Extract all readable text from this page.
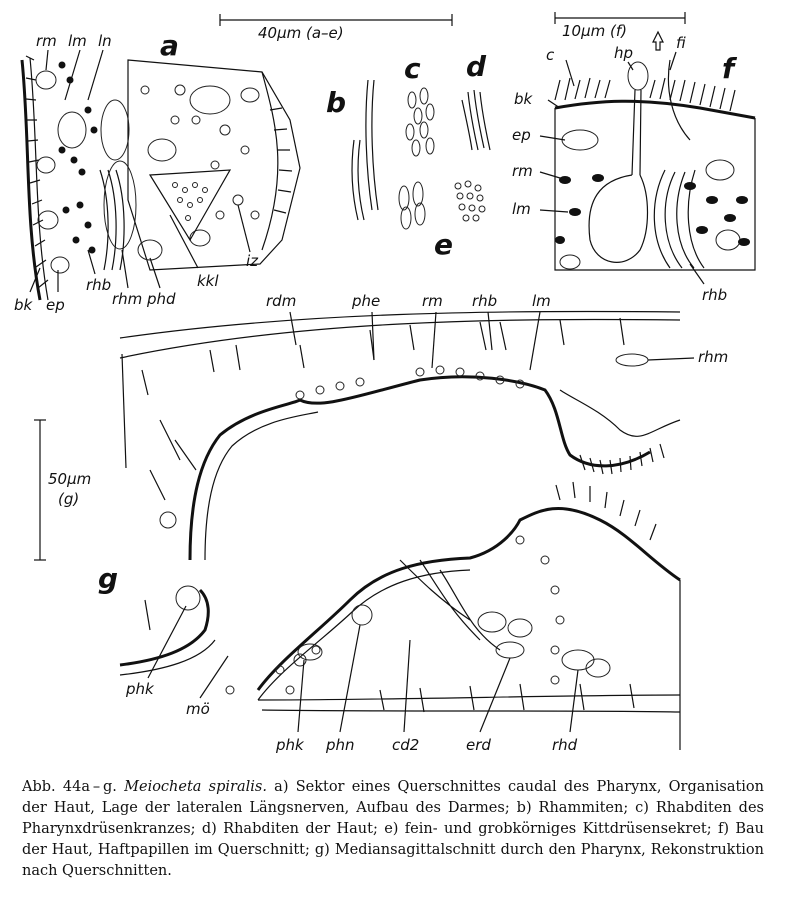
40µm (a–e)
rm lm ln a
bk ep
rhb
rhm phd
kkl
iz
b
c d
e
10µm (f)
c	hp
fi
f
bk
ep
rm
lm
rhb
50µm
(g)
rdm	phe	rm rhb lm
rhm
g
phk
mö
phk phn cd2	erd	rhd
Abb. 44a – g. Meiocheta spiralis. a) Sektor eines Querschnittes caudal des Pharynx, Organisation der Haut, Lage der lateralen Längsnerven, Aufbau des Darmes; b) Rhammiten; c) Rhabditen des Pharynxdrüsenkranzes; d) Rhabditen der Haut; e) fein- und grobkörniges Kittdrüsensekret; f) Bau der Haut, Haftpapillen im Querschnitt; g) Mediansagittalschnitt durch den Pharynx, Rekonstruktion nach Querschnitten.
